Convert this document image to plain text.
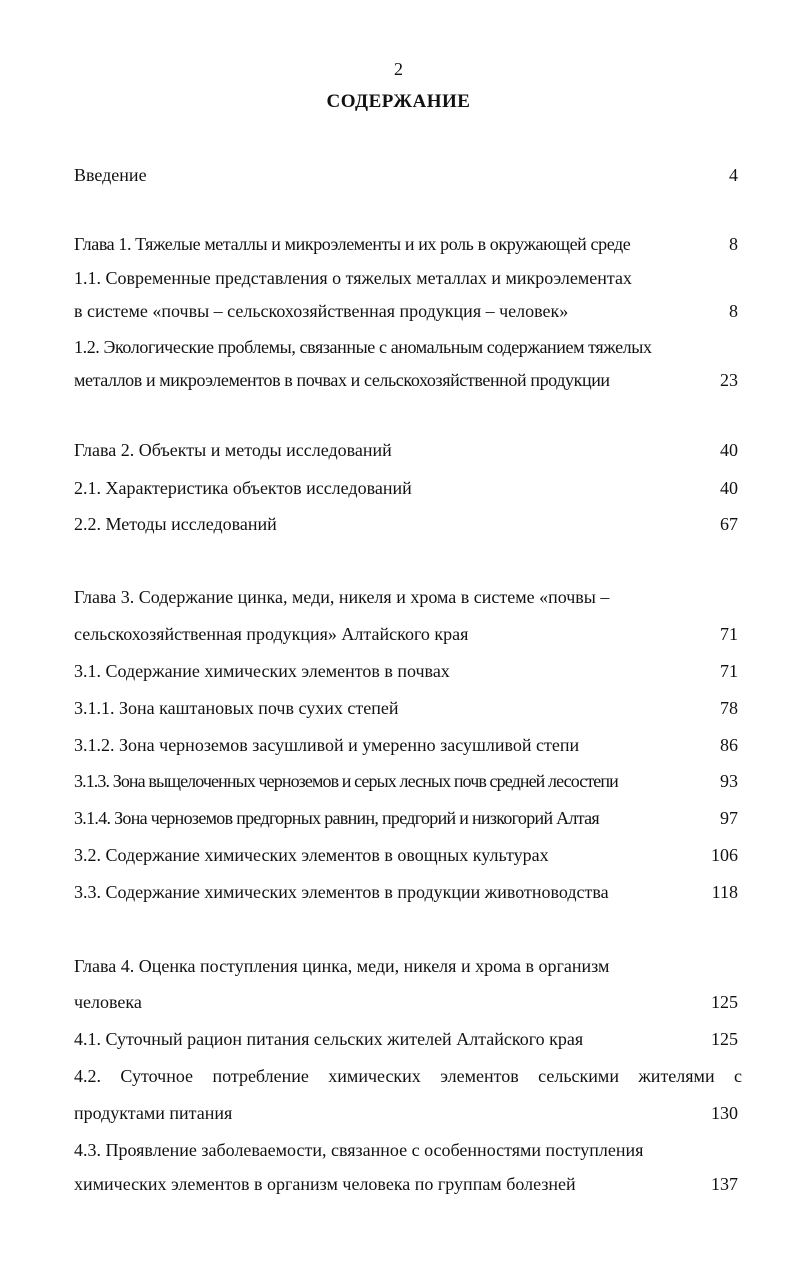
2
СОДЕРЖАНИЕ
Введение	4
Глава 1. Тяжелые металлы и микроэлементы и их роль в окружающей среде	8
1.1. Современные представления о тяжелых металлах и микроэлементах
в системе «почвы – сельскохозяйственная продукция – человек»	8
1.2. Экологические проблемы, связанные с аномальным содержанием тяжелых
металлов и микроэлементов в почвах и сельскохозяйственной продукции	23
Глава 2. Объекты и методы исследований	40
2.1. Характеристика объектов исследований	40
2.2. Методы исследований	67
Глава 3. Содержание цинка, меди, никеля и хрома в системе «почвы –
сельскохозяйственная продукция» Алтайского края	71
3.1. Содержание химических элементов в почвах	71
3.1.1. Зона каштановых почв сухих степей	78
3.1.2. Зона черноземов засушливой и умеренно засушливой степи	86
3.1.3. Зона выщелоченных черноземов и серых лесных почв средней лесостепи	93
3.1.4. Зона черноземов предгорных равнин, предгорий и низкогорий Алтая	97
3.2. Содержание химических элементов в овощных культурах	106
3.3. Содержание химических элементов в продукции животноводства	118
Глава 4. Оценка поступления цинка, меди, никеля и хрома в организм
человека	125
4.1. Суточный рацион питания сельских жителей Алтайского края	125
4.2. Суточное потребление химических элементов сельскими жителями с
продуктами питания	130
4.3. Проявление заболеваемости, связанное с особенностями поступления
химических элементов в организм человека по группам болезней	137
